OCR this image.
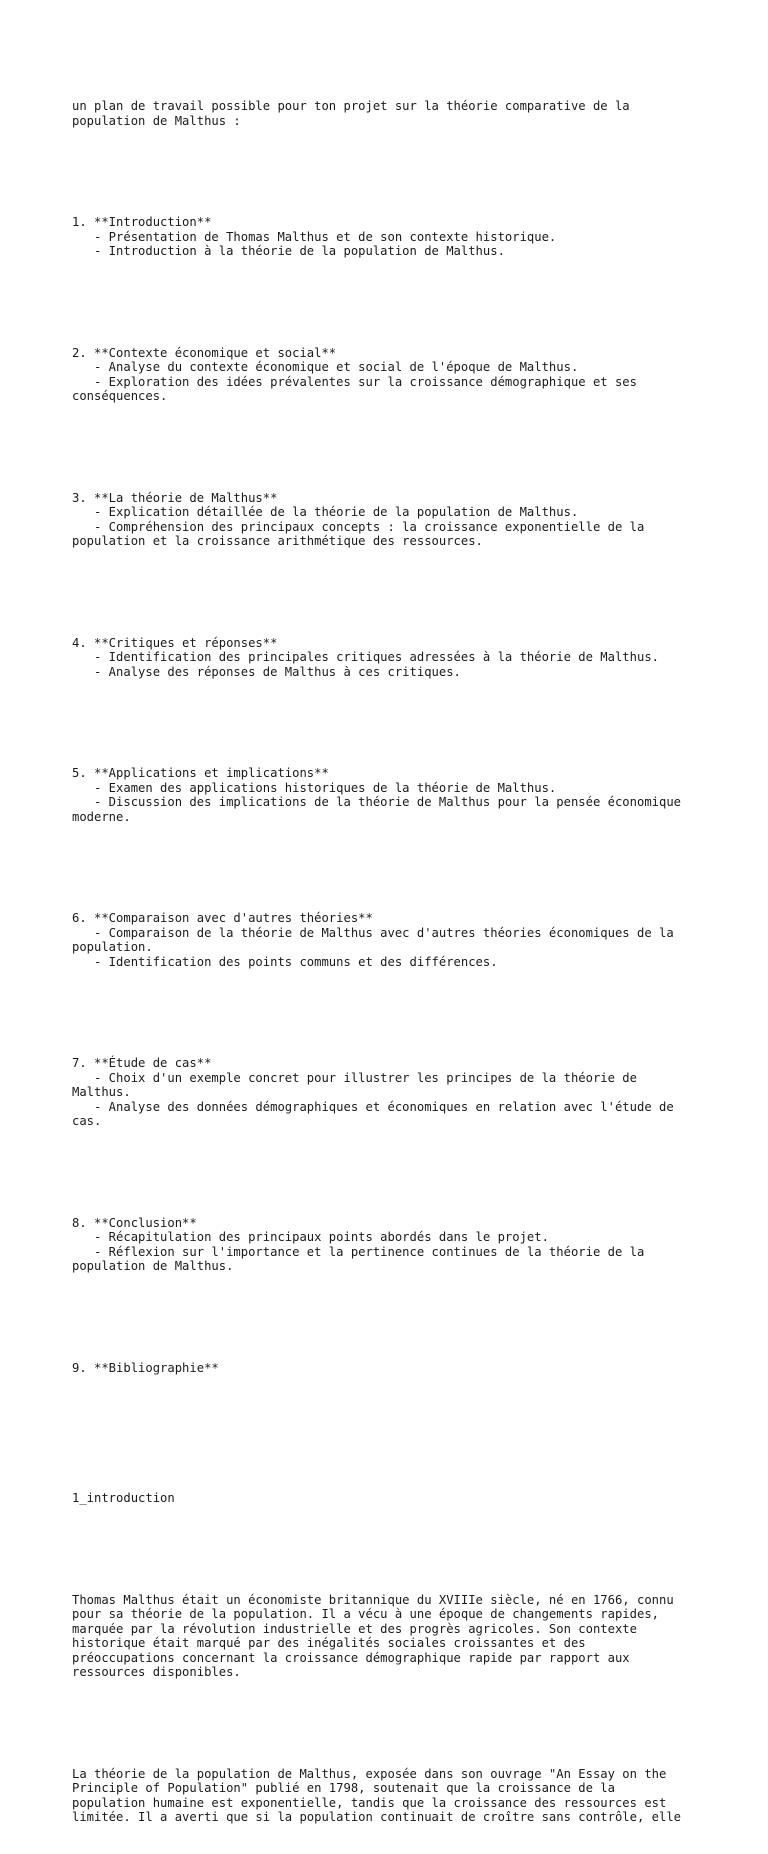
un plan de travail possible pour ton projet sur la théorie comparative de la
population de Malthus :

1. **Introduction**
- Présentation de Thomas Malthus et de son contexte historique.
- Introduction à la théorie de la population de Malthus.

2. **Contexte économique et social**
- Analyse du contexte économique et social de l'époque de Malthus.
- Exploration des idées prévalentes sur la croissance démographique et ses
conséquences.

3. **La théorie de Malthus**
- Explication détaillée de la théorie de la population de Malthus.
- Compréhension des principaux concepts : la croissance exponentielle de la
population et la croissance arithmétique des ressources.

4. **Critiques et réponses**
- Identification des principales critiques adressées à la théorie de Malthus.
- Analyse des réponses de Malthus à ces critiques.

5. **Applications et implications**
- Examen des applications historiques de la théorie de Malthus.
- Discussion des implications de la théorie de Malthus pour la pensée économique
moderne.

6. **Comparaison avec d'autres théories**
- Comparaison de la théorie de Malthus avec d'autres théories économiques de la
population.
- Identification des points communs et des différences.

7. **Étude de cas**
- Choix d'un exemple concret pour illustrer les principes de la théorie de
Malthus.
- Analyse des données démographiques et économiques en relation avec l'étude de
cas.

8. **Conclusion**
- Récapitulation des principaux points abordés dans le projet.
- Réflexion sur l'importance et la pertinence continues de la théorie de la
population de Malthus.

9. **Bibliographie**

1_introduction

Thomas Malthus était un économiste britannique du XVIIIe siècle, né en 1766, connu
pour sa théorie de la population. Il a vécu à une époque de changements rapides,
marquée par la révolution industrielle et des progrès agricoles. Son contexte
historique était marqué par des inégalités sociales croissantes et des
préoccupations concernant la croissance démographique rapide par rapport aux
ressources disponibles.

La théorie de la population de Malthus, exposée dans son ouvrage "An Essay on the
Principle of Population" publié en 1798, soutenait que la croissance de la
population humaine est exponentielle, tandis que la croissance des ressources est
limitée. Il a averti que si la population continuait de croître sans contrôle, elle
